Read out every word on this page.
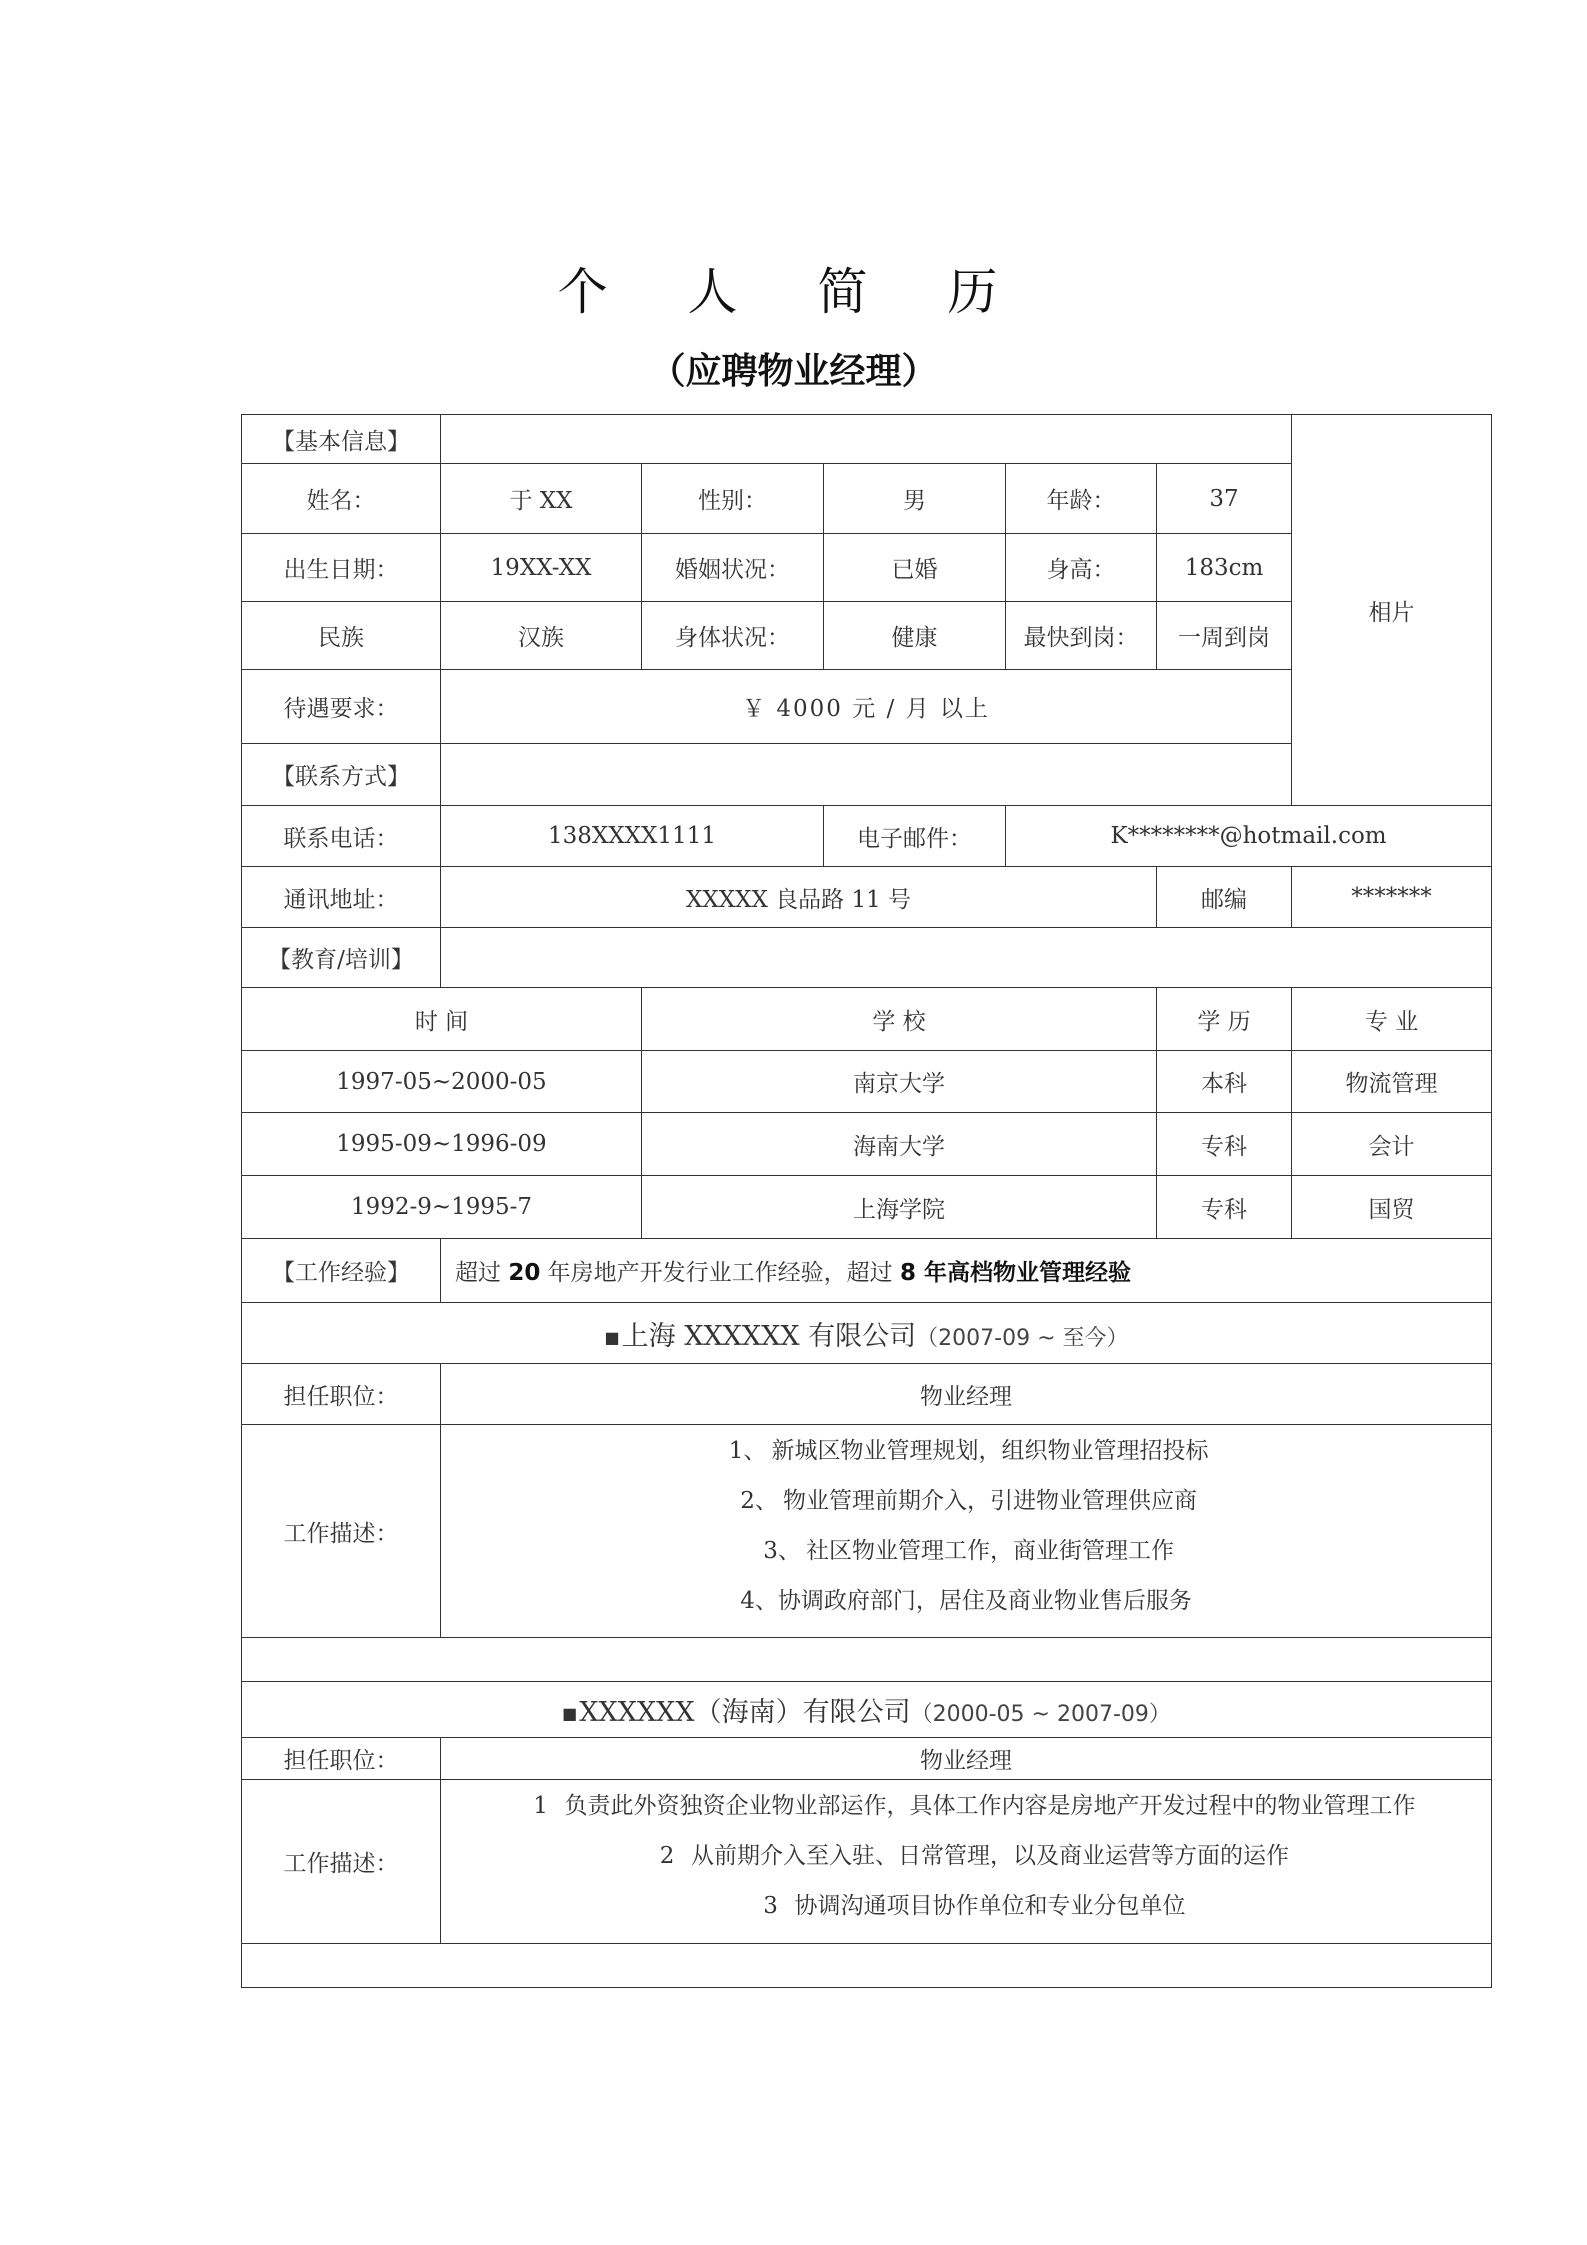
个 人 简 历
（应聘物业经理）
【基本信息】						相片
姓名：	于 XX	性别：	男	年龄：	37	
出生日期：	19XX-XX	婚姻状况：	已婚	身高：	183cm	
民族	汉族	身体状况：	健康	最快到岗：	一周到岗	
待遇要求：	￥ 4000 元 / 月 以上					
【联系方式】						
联系电话：	138XXXX1111		电子邮件：	K********@hotmail.com		
通讯地址：	XXXXX 良品路 11 号				邮编	*******
【教育/培训】						
时 间		学 校			学 历	专 业
1997-05~2000-05		南京大学			本科	物流管理
1995-09~1996-09		海南大学			专科	会计
1992-9~1995-7		上海学院			专科	国贸
【工作经验】	超过 20 年房地产开发行业工作经验，超过 8 年高档物业管理经验					
■上海 XXXXXX 有限公司（2007-09 ~ 至今）						
担任职位：	物业经理					
工作描述：	1、 新城区物业管理规划，组织物业管理招投标
2、 物业管理前期介入，引进物业管理供应商
3、 社区物业管理工作，商业街管理工作
4、协调政府部门，居住及商业物业售后服务					

■XXXXXX（海南）有限公司（2000-05 ~ 2007-09）						
担任职位：	物业经理					
工作描述：	1 负责此外资独资企业物业部运作，具体工作内容是房地产开发过程中的物业管理工作
2 从前期介入至入驻、日常管理，以及商业运营等方面的运作
3 协调沟通项目协作单位和专业分包单位					
